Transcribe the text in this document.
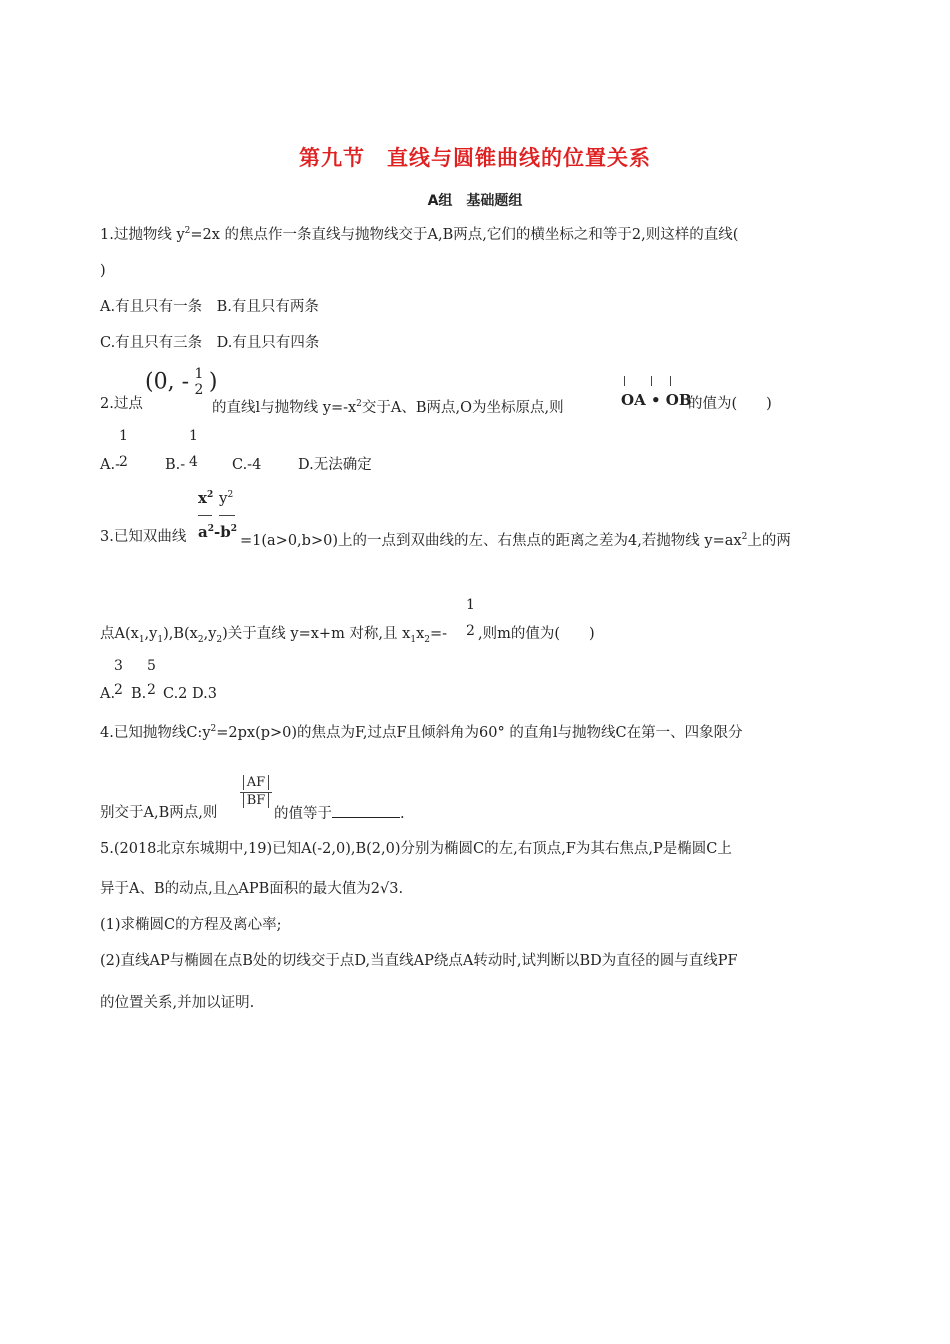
第九节　直线与圆锥曲线的位置关系
A组　基础题组
1.过抛物线 $y^2=2x$ 的焦点作一条直线与抛物线交于A,B两点,它们的横坐标之和等于2,则这样的直线(
)
A.有且只有一条　B.有且只有两条
C.有且只有三条　D.有且只有四条
2.过点
(0, - 1
2 )
的直线l与抛物线 $y=-x^2$交于A、B两点,O为坐标原点,则
	OA • OB
的值为(　　)
A.-
1
2	B.-
1
4 C.-4	D.无法确定
3.已知双曲线
$x^2$ $y^2$
$a^2-b^2$
=1(a>0,b>0)上的一点到双曲线的左、右焦点的距离之差为4,若抛物线 $y=ax^2$上的两
点$A(x_1,y_1),B(x_2,y_2)$关于直线 y=x+m 对称,且 $x_1x_2=-$
1
2 ,则m的值为(　　)
A.
3
2 B.
5
2 C.2 D.3
4.已知抛物线$C:y^2=2px(p>0)$的焦点为F,过点F且倾斜角为60° 的直角l与抛物线C在第一、四象限分
别交于A,B两点,则
AF
BF
的值等于	.
5.(2018北京东城期中,19)已知A(-2,0),B(2,0)分别为椭圆C的左,右顶点,F为其右焦点,P是椭圆C上
异于A、B的动点,且△APB面积的最大值为2√3.
(1)求椭圆C的方程及离心率;
(2)直线AP与椭圆在点B处的切线交于点D,当直线AP绕点A转动时,试判断以BD为直径的圆与直线PF
的位置关系,并加以证明.
